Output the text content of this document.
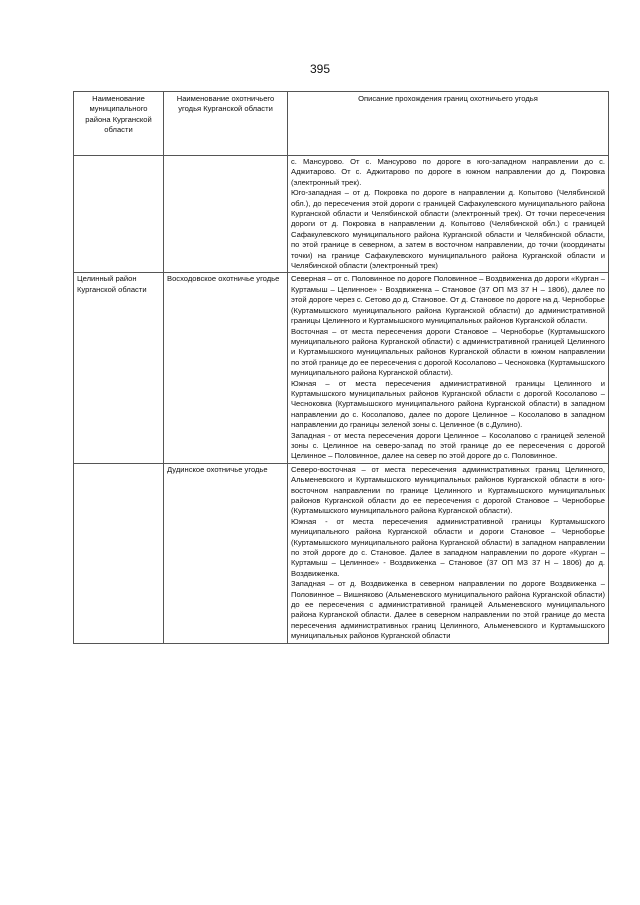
395
Наименование муниципального района Курганской области	Наименование охотничьего угодья Курганской области	Описание прохождения границ охотничьего угодья

		с. Мансурово. От с. Мансурово по дороге в юго-западном направлении до с. Аджитарово. От с. Аджитарово по дороге в южном направлении до д. Покровка (электронный трек).

Юго-западная – от д. Покровка по дороге в направлении д. Копытово (Челябинской обл.), до пересечения этой дороги с границей Сафакулевского муниципального района Курганской области и Челябинской области (электронный трек). От точки пересечения дороги от д. Покровка в направлении д. Копытово (Челябинской обл.) с границей Сафакулевского муниципального района Курганской области и Челябинской области, по этой границе в северном, а затем в восточном направлении, до точки (координаты точки) на границе Сафакулевского муниципального района Курганской области и Челябинской области (электронный трек)

Целинный район Курганской области	Восходовское охотничье угодье	Северная – от с. Половинное по дороге Половинное – Воздвиженка до дороги «Курган – Куртамыш – Целинное» - Воздвиженка – Становое (37 ОП МЗ 37 Н – 1806), далее по этой дороге через с. Сетово до д. Становое. От д. Становое по дороге на д. Черноборье (Куртамышского муниципального района Курганской области) до административной границы Целинного и Куртамышского муниципальных районов Курганской области.

Восточная – от места пересечения дороги Становое – Черноборье (Куртамышского муниципального района Курганской области) с административной границей Целинного и Куртамышского муниципальных районов Курганской области в южном направлении по этой границе до ее пересечения с дорогой Косолапово – Чесноковка (Куртамышского муниципального района Курганской области).

Южная – от места пересечения административной границы Целинного и Куртамышского муниципальных районов Курганской области с дорогой Косолапово – Чесноковка (Куртамышского муниципального района Курганской области) в западном направлении до с. Косолапово, далее по дороге Целинное – Косолапово в западном направлении до границы зеленой зоны с. Целинное (в с.Дулино).

Западная - от места пересечения дороги Целинное – Косолапово с границей зеленой зоны с. Целинное на северо-запад по этой границе до ее пересечения с дорогой Целинное – Половинное, далее на север по этой дороге до с. Половинное.

	Дудинское охотничье угодье	Северо-восточная – от места пересечения административных границ Целинного, Альменевского и Куртамышского муниципальных районов Курганской области в юго-восточном направлении по границе Целинного и Куртамышского муниципальных районов Курганской области до ее пересечения с дорогой Становое – Черноборье (Куртамышского муниципального района Курганской области).

Южная - от места пересечения административной границы Куртамышского муниципального района Курганской области и дороги Становое – Черноборье (Куртамышского муниципального района Курганской области) в западном направлении по этой дороге до с. Становое. Далее в западном направлении по дороге «Курган – Куртамыш – Целинное» - Воздвиженка – Становое (37 ОП МЗ 37 Н – 1806) до д. Воздвиженка.

Западная – от д. Воздвиженка в северном направлении по дороге Воздвиженка – Половинное – Вишняково (Альменевского муниципального района Курганской области) до ее пересечения с административной границей Альменевского муниципального района Курганской области. Далее в северном направлении по этой границе до места пересечения административных границ Целинного, Альменевского и Куртамышского муниципальных районов Курганской области
